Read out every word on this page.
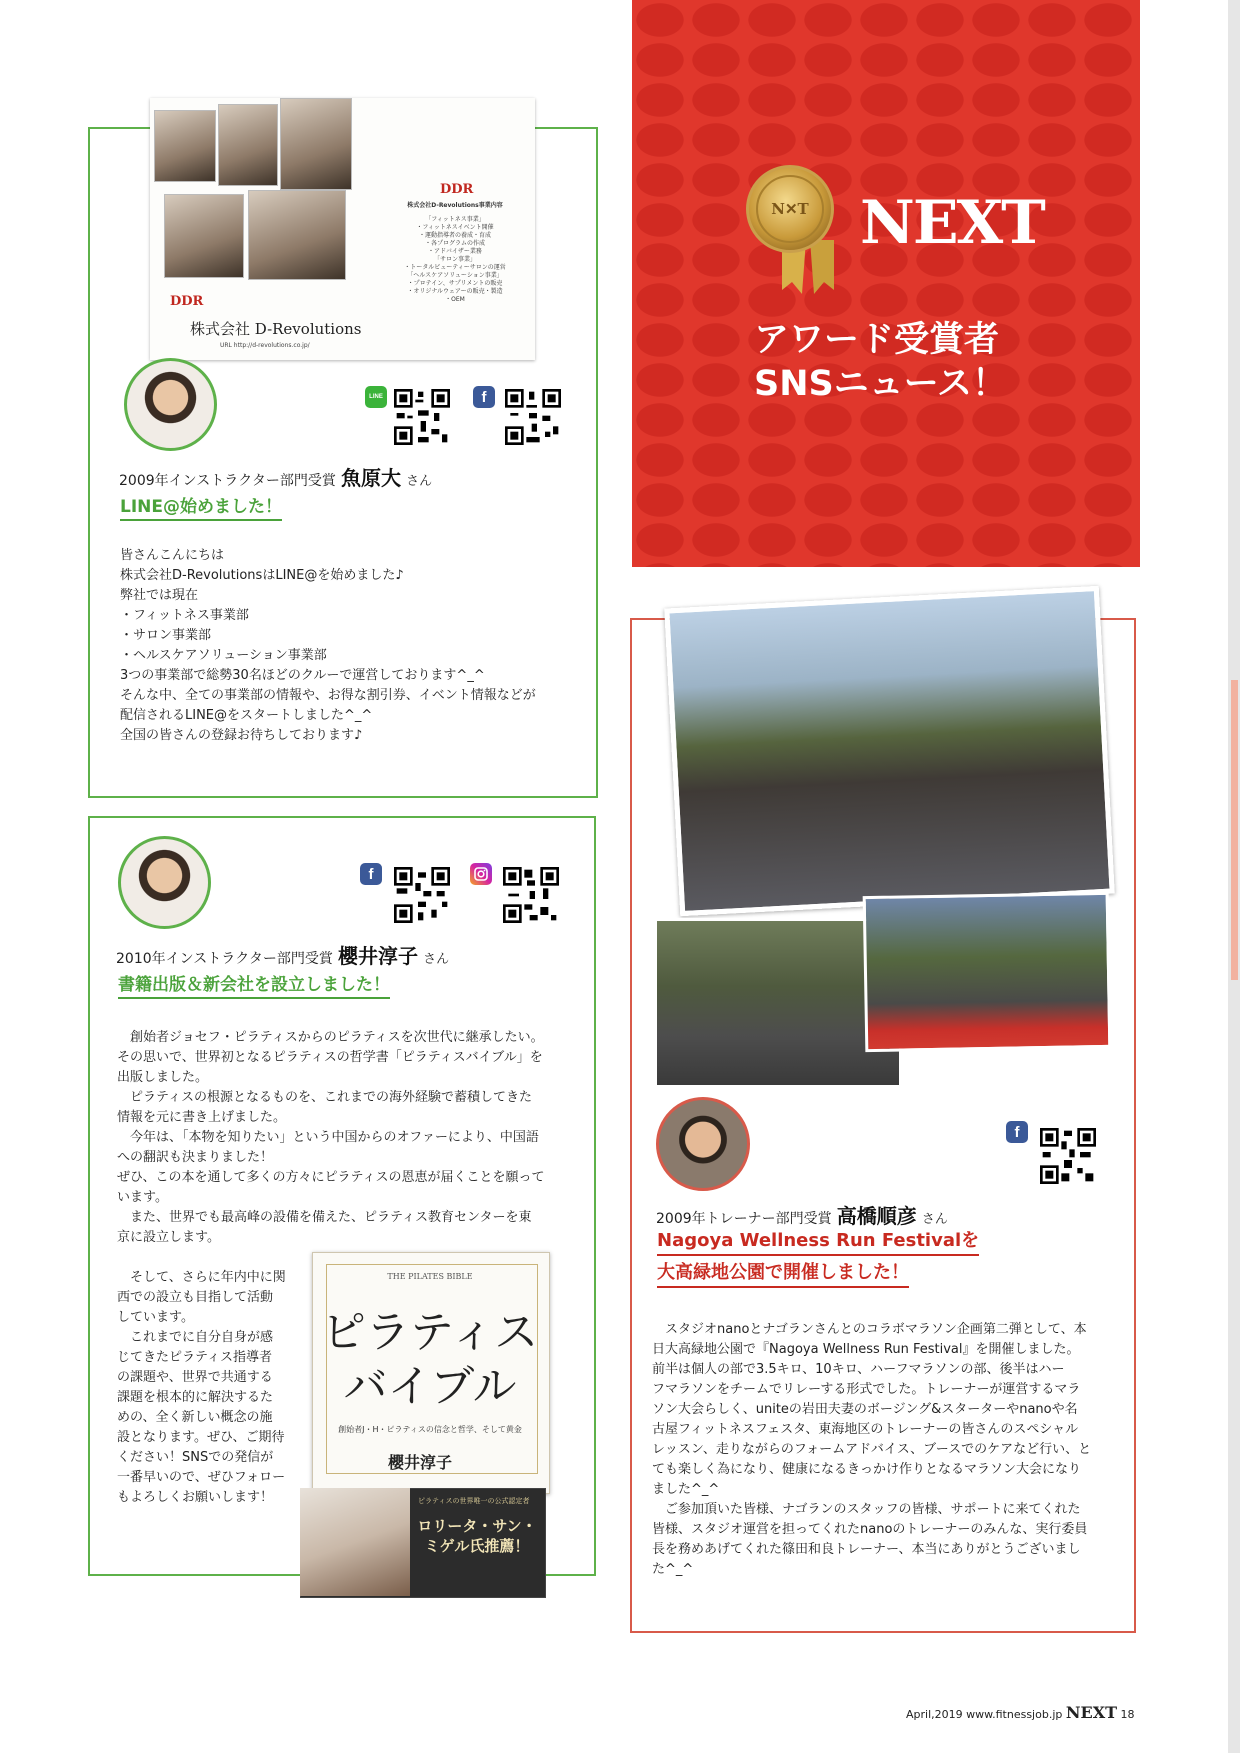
N✕T NEXT
アワード受賞者
SNSニュース！
DDR
株式会社 D-Revolutions
URL http://d-revolutions.co.jp/
DDR
株式会社D-Revolutions事業内容
「フィットネス事業」
・フィットネスイベント開催
・運動指導者の養成・育成
・各プログラムの作成
・アドバイザー業務
「サロン事業」
・トータルビューティーサロンの運営
「ヘルスケアソリューション事業」
・プロテイン、サプリメントの販売
・オリジナルウェアーの販売・製造
・OEM
LINE	f
2009年インストラクター部門受賞 魚原大 さん
LINE@始めました！

皆さんこんにちは

株式会社D-RevolutionsはLINE@を始めました♪

弊社では現在

・フィットネス事業部

・サロン事業部

・ヘルスケアソリューション事業部

3つの事業部で総勢30名ほどのクルーで運営しております^_^

そんな中、全ての事業部の情報や、お得な割引券、イベント情報などが

配信されるLINE@をスタートしました^_^

全国の皆さんの登録お待ちしております♪

f
2010年インストラクター部門受賞 櫻井淳子 さん
書籍出版＆新会社を設立しました！

創始者ジョセフ・ピラティスからのピラティスを次世代に継承したい。

その思いで、世界初となるピラティスの哲学書「ピラティスバイブル」を

出版しました。

ピラティスの根源となるものを、これまでの海外経験で蓄積してきた

情報を元に書き上げました。

今年は、「本物を知りたい」という中国からのオファーにより、中国語

への翻訳も決まりました！

ぜひ、この本を通して多くの方々にピラティスの恩恵が届くことを願って

います。

また、世界でも最高峰の設備を備えた、ピラティス教育センターを東

京に設立します。

そして、さらに年内中に関

西での設立も目指して活動

しています。

これまでに自分自身が感

じてきたピラティス指導者

の課題や、世界で共通する

課題を根本的に解決するた

めの、全く新しい概念の施

設となります。ぜひ、ご期待

ください！SNSでの発信が

一番早いので、ぜひフォロー

もよろしくお願いします！

THE PILATES BIBLE
ピラティス
バイブル
創始者J・H・ピラティスの信念と哲学、そして黄金
櫻井淳子
ピラティスの世界唯一の公式認定者
ロリータ・サン・
ミゲル氏推薦！
f
2009年トレーナー部門受賞 高橋順彦 さん
Nagoya Wellness Run Festivalを
大高緑地公園で開催しました！

スタジオnanoとナゴランさんとのコラボマラソン企画第二弾として、本

日大高緑地公園で『Nagoya Wellness Run Festival』を開催しました。

前半は個人の部で3.5キロ、10キロ、ハーフマラソンの部、後半はハー

フマラソンをチームでリレーする形式でした。トレーナーが運営するマラ

ソン大会らしく、uniteの岩田夫妻のボージング&スターターやnanoや名

古屋フィットネスフェスタ、東海地区のトレーナーの皆さんのスペシャル

レッスン、走りながらのフォームアドバイス、ブースでのケアなど行い、と

ても楽しく為になり、健康になるきっかけ作りとなるマラソン大会になり

ました^_^

ご参加頂いた皆様、ナゴランのスタッフの皆様、サポートに来てくれた

皆様、スタジオ運営を担ってくれたnanoのトレーナーのみんな、実行委員

長を務めあげてくれた篠田和良トレーナー、本当にありがとうございまし

た^_^

April,2019 www.fitnessjob.jp NEXT 18
